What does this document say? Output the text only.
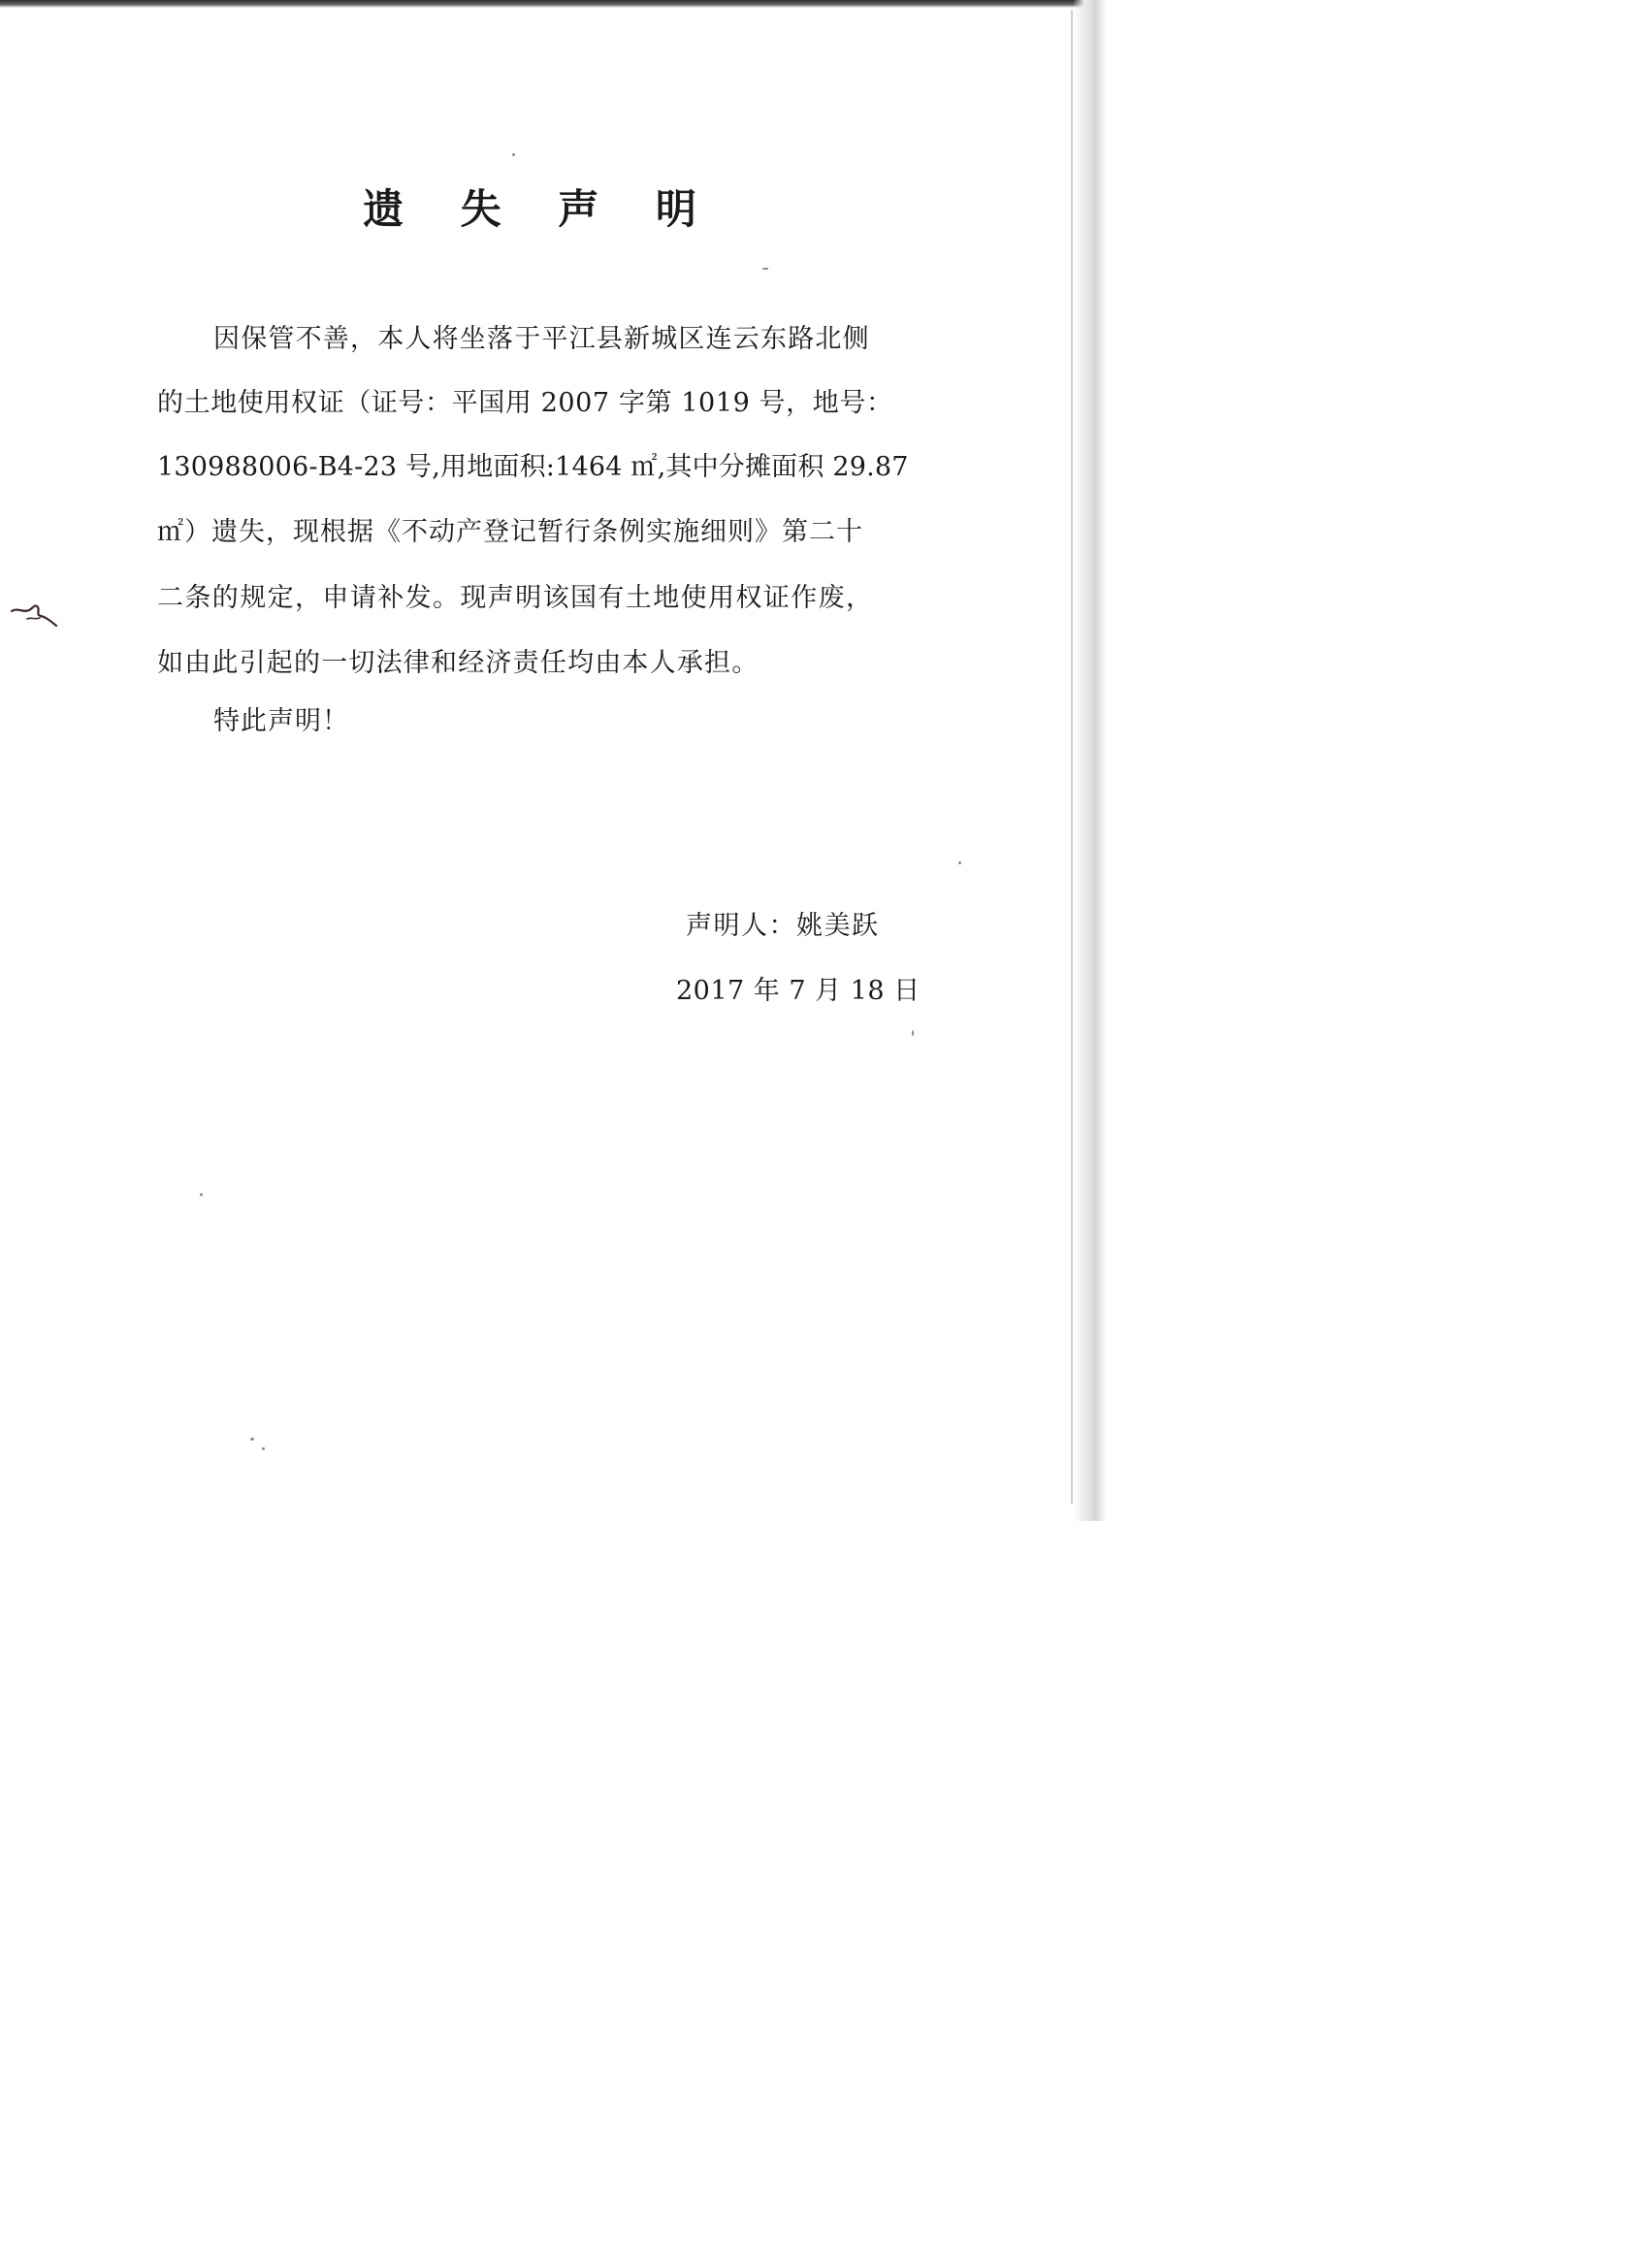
遗 失 声 明

因保管不善，本人将坐落于平江县新城区连云东路北侧

的土地使用权证（证号：平国用 2007 字第 1019 号，地号：

130988006-B4-23 号,用地面积:1464 ㎡,其中分摊面积 29.87

㎡）遗失，现根据《不动产登记暂行条例实施细则》第二十

二条的规定，申请补发。现声明该国有土地使用权证作废，

如由此引起的一切法律和经济责任均由本人承担。

特此声明！

声明人：姚美跃

2017 年 7 月 18 日
